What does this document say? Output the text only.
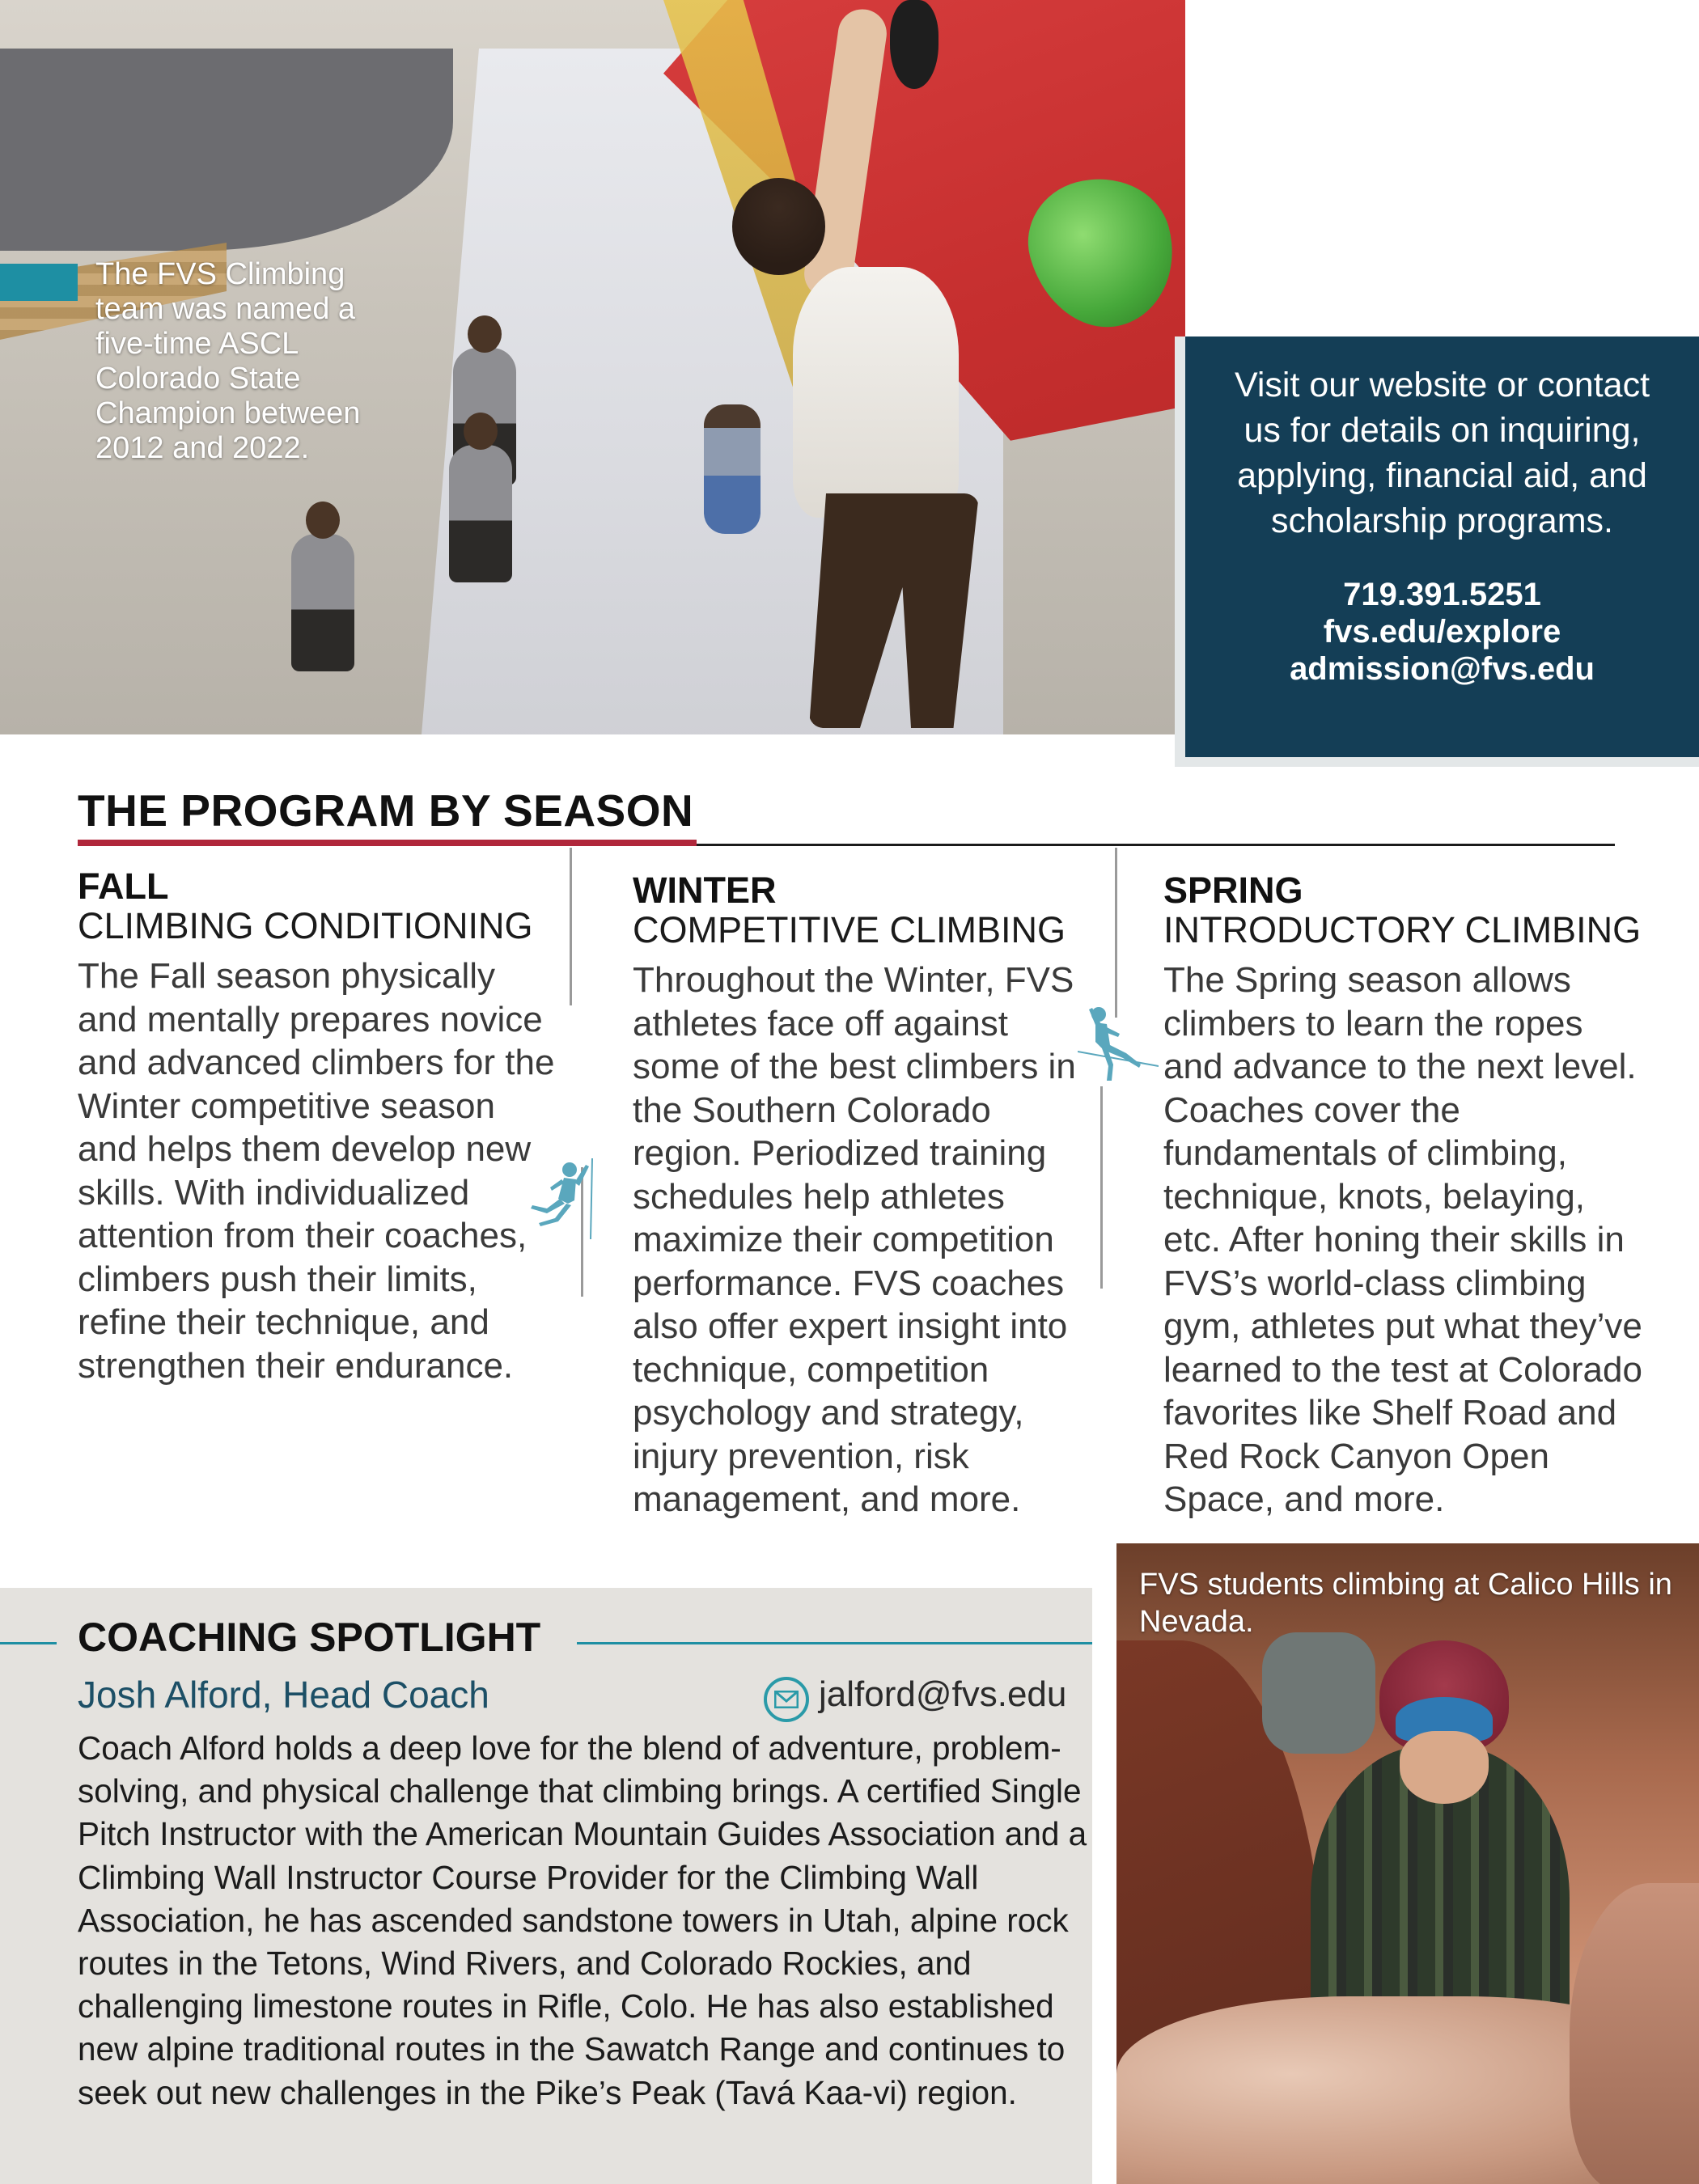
The FVS Climbing team was named a five-time ASCL Colorado State Champion between 2012 and 2022.
Visit our website or contact us for details on inquiring, applying, financial aid, and scholarship programs.
719.391.5251
fvs.edu/explore
admission@fvs.edu
THE PROGRAM BY SEASON
FALL
CLIMBING CONDITIONING

The Fall season physically and mentally prepares novice and advanced climbers for the Winter competitive season and helps them develop new skills. With individualized attention from their coaches, climbers push their limits, refine their technique, and strengthen their endurance.

WINTER
COMPETITIVE CLIMBING

Throughout the Winter, FVS athletes face off against some of the best climbers in the Southern Colorado region. Periodized training schedules help athletes maximize their competition performance. FVS coaches also offer expert insight into technique, competition psychology and strategy, injury prevention, risk management, and more.

SPRING
INTRODUCTORY CLIMBING

The Spring season allows climbers to learn the ropes and advance to the next level. Coaches cover the fundamentals of climbing, technique, knots, belaying, etc. After honing their skills in FVS’s world-class climbing gym, athletes put what they’ve learned to the test at Colorado favorites like Shelf Road and Red Rock Canyon Open Space, and more.

COACHING SPOTLIGHT
Josh Alford, Head Coach	jalford@fvs.edu
Coach Alford holds a deep love for the blend of adventure, problem-solving, and physical challenge that climbing brings. A certified Single Pitch Instructor with the American Mountain Guides Association and a Climbing Wall Instructor Course Provider for the Climbing Wall Association, he has ascended sandstone towers in Utah, alpine rock routes in the Tetons, Wind Rivers, and Colorado Rockies, and challenging limestone routes in Rifle, Colo. He has also established new alpine traditional routes in the Sawatch Range and continues to seek out new challenges in the Pike’s Peak (Tavá Kaa-vi) region.
FVS students climbing at Calico Hills in Nevada.
